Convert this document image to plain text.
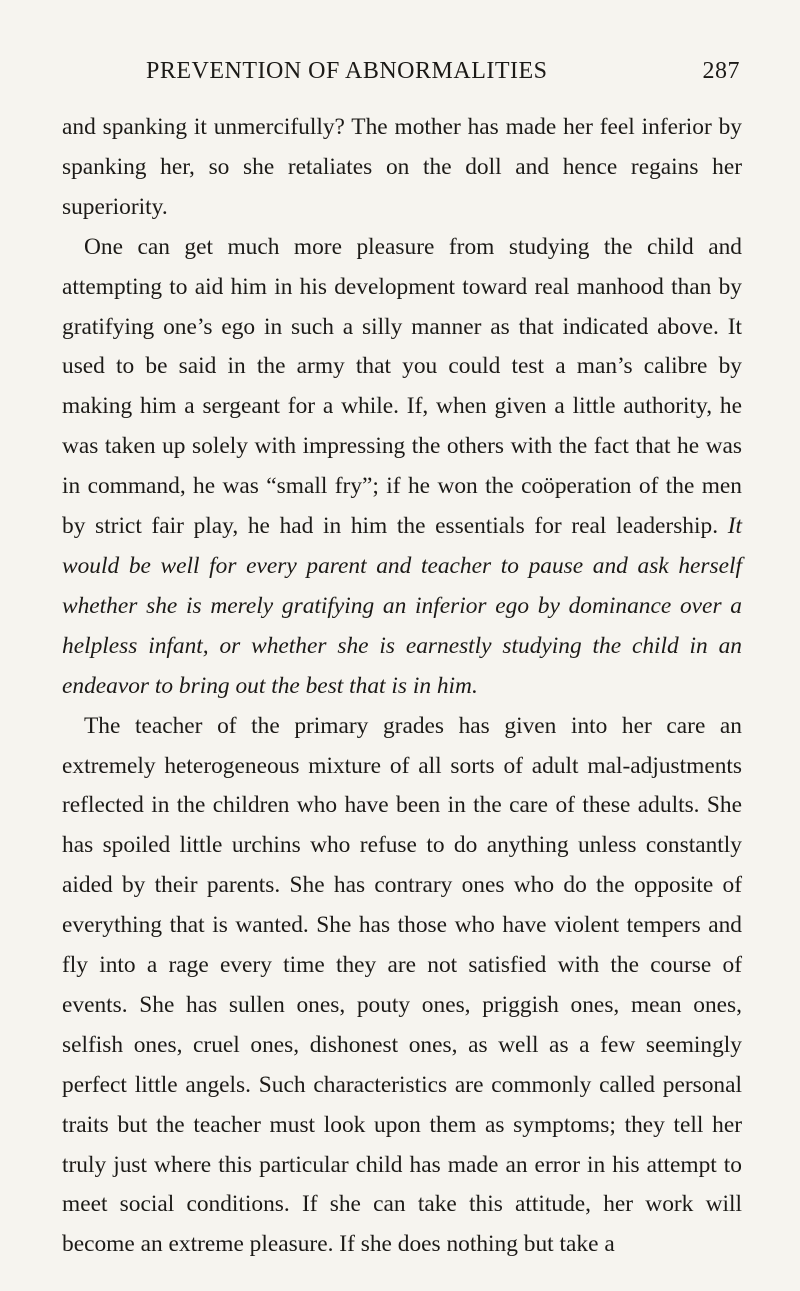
PREVENTION OF ABNORMALITIES	287

and spanking it unmercifully? The mother has made her feel inferior by spanking her, so she retaliates on the doll and hence regains her superiority.

One can get much more pleasure from studying the child and attempting to aid him in his development toward real manhood than by gratifying one’s ego in such a silly manner as that indicated above. It used to be said in the army that you could test a man’s calibre by making him a sergeant for a while. If, when given a little authority, he was taken up solely with impressing the others with the fact that he was in command, he was “small fry”; if he won the coöperation of the men by strict fair play, he had in him the essentials for real leadership. It would be well for every parent and teacher to pause and ask herself whether she is merely gratifying an inferior ego by dominance over a helpless infant, or whether she is earnestly studying the child in an endeavor to bring out the best that is in him.

The teacher of the primary grades has given into her care an extremely heterogeneous mixture of all sorts of adult mal-adjustments reflected in the children who have been in the care of these adults. She has spoiled little urchins who refuse to do anything unless constantly aided by their parents. She has contrary ones who do the opposite of everything that is wanted. She has those who have violent tempers and fly into a rage every time they are not satisfied with the course of events. She has sullen ones, pouty ones, priggish ones, mean ones, selfish ones, cruel ones, dishonest ones, as well as a few seemingly perfect little angels. Such characteristics are commonly called personal traits but the teacher must look upon them as symptoms; they tell her truly just where this particular child has made an error in his attempt to meet social conditions. If she can take this attitude, her work will become an extreme pleasure. If she does nothing but take a
